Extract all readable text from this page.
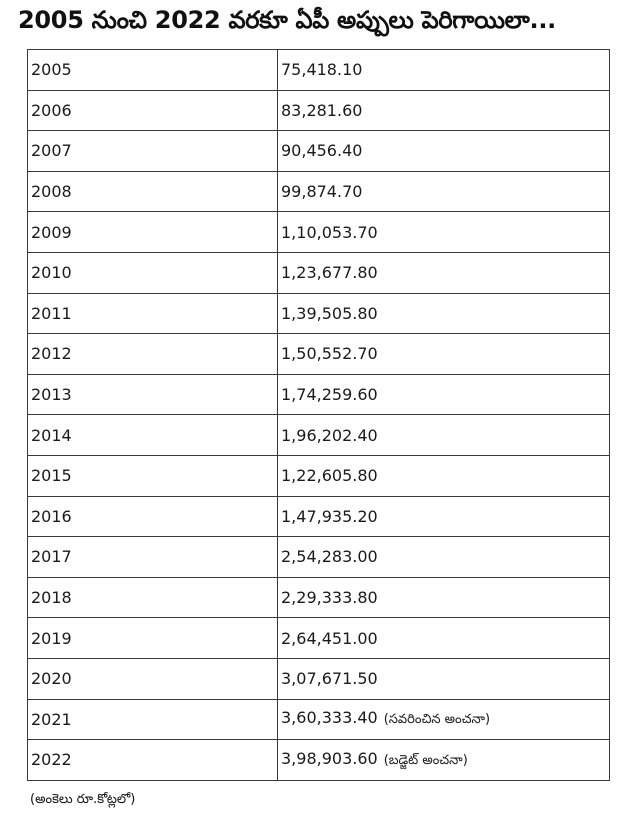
2005 నుంచి 2022 వరకూ ఏపీ అప్పులు పెరిగాయిలా...
2005	75,418.10
2006	83,281.60
2007	90,456.40
2008	99,874.70
2009	1,10,053.70
2010	1,23,677.80
2011	1,39,505.80
2012	1,50,552.70
2013	1,74,259.60
2014	1,96,202.40
2015	1,22,605.80
2016	1,47,935.20
2017	2,54,283.00
2018	2,29,333.80
2019	2,64,451.00
2020	3,07,671.50
2021	3,60,333.40 (సవరించిన అంచనా)
2022	3,98,903.60 (బడ్జెట్ అంచనా)
(అంకెలు రూ.కోట్లలో)
